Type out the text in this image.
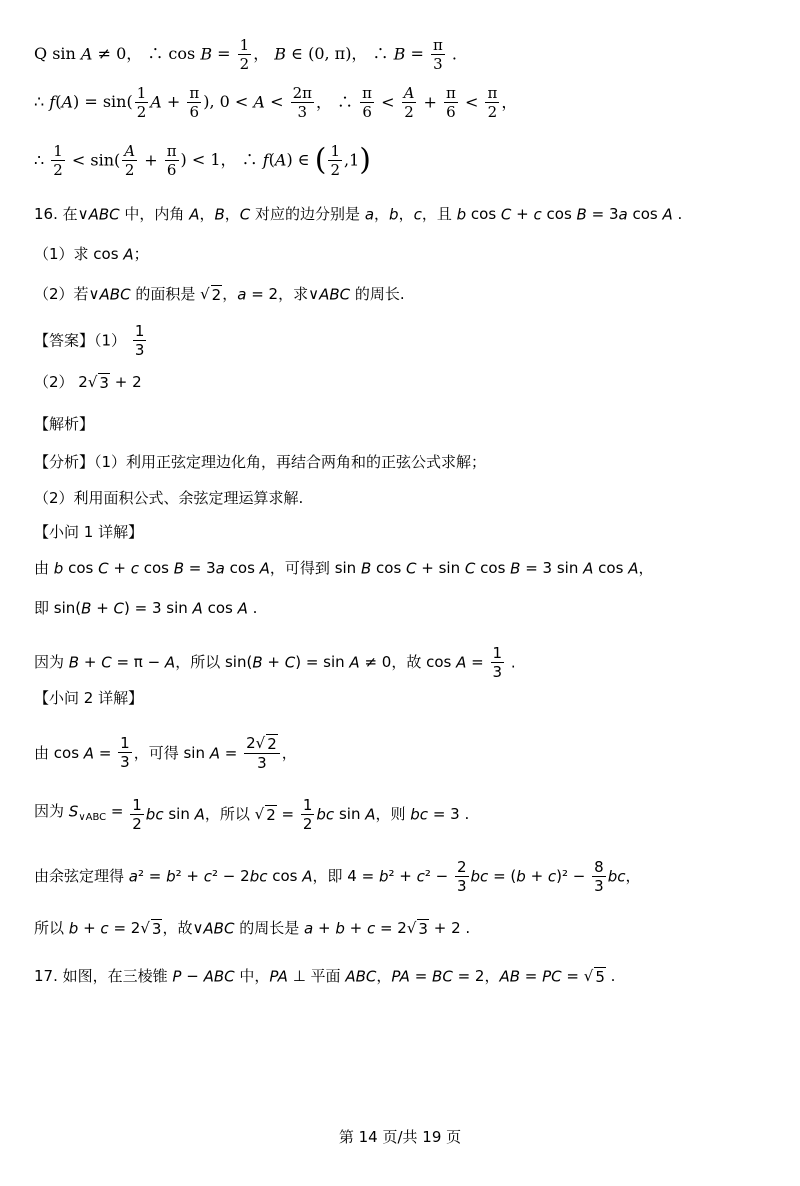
Q sin A ≠ 0， ∴ $\cos B = \frac{1}{2}$ ， B ∈ (0, π)， ∴ $B = \frac{\pi}{3}$ .
∴ $f(A) = \sin( \frac{1}{2}$ $A + \frac{\pi}{6}$ ), $0 < A < \frac{2\pi}{3}$ ， ∴ $\frac{\pi}{6} < \frac{A}{2} + \frac{\pi}{6} < \frac{\pi}{2}$ ，
∴ $\frac{1}{2} < \sin( \frac{A}{2} + \frac{\pi}{6}$ ) < 1， ∴ f(A) ∈ ( $\frac{1}{2} ,1$)
16. 在∨ABC 中，内角 A，B，C 对应的边分别是 a，b，c，且 b cos C + c cos B = 3a cos A .
（1）求 cos A；
（2）若∨ABC 的面积是 √ 2，a = 2，求∨ABC 的周长.
【答案】$(1) \frac{1}{3}$
（2） 2√ 3 + 2
【解析】
【分析】（1）利用正弦定理边化角，再结合两角和的正弦公式求解；
（2）利用面积公式、余弦定理运算求解.
【小问 1 详解】
由 b cos C + c cos B = 3a cos A，可得到 sin B cos C + sin C cos B = 3 sin A cos A，
即 sin(B + C) = 3 sin A cos A .
因为 B + C = π − A，所以 sin(B + C) = sin A ≠ 0，故 $\cos A = \frac{1}{3}$ .
【小问 2 详解】
由 $\cos A = \frac{1}{3}$ ，可得 $\sin A = \frac{2√ 2}{3}$ ，
因为 $S_{\vee ABC} = \frac{1}{2}$ bc sin A，所以 √ $2 = \frac{1}{2}$ bc sin A，则 bc = 3 .
由余弦定理得 a² = b² + c² − 2bc cos A，即 $4 = b^2 + c^2 - \frac{2}{3}$ bc = $(b + c)^2 - \frac{8}{3}$ bc，
所以 b + c = 2√ 3，故∨ABC 的周长是 a + b + c = 2√ 3 + 2 .
17. 如图，在三棱锥 P − ABC 中，PA ⊥ 平面 ABC，PA = BC = 2，AB = PC = √ 5 .
第 14 页/共 19 页
